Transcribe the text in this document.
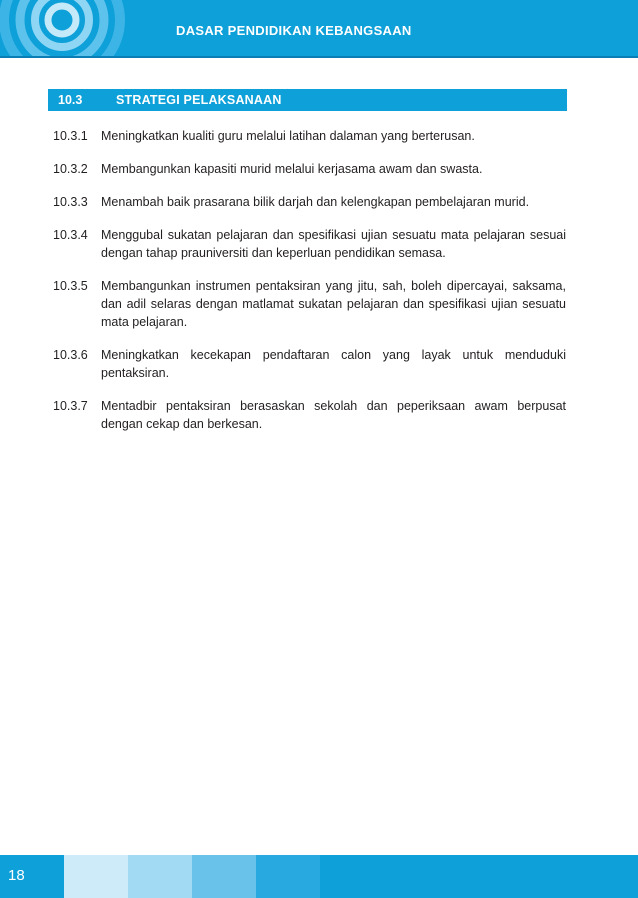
DASAR PENDIDIKAN KEBANGSAAN
10.3	STRATEGI PELAKSANAAN
10.3.1	Meningkatkan kualiti guru melalui latihan dalaman yang berterusan.
10.3.2	Membangunkan kapasiti murid melalui kerjasama awam dan swasta.
10.3.3	Menambah baik prasarana bilik darjah dan kelengkapan pembelajaran murid.
10.3.4	Menggubal sukatan pelajaran dan spesifikasi ujian sesuatu mata pelajaran sesuai dengan tahap prauniversiti dan keperluan pendidikan semasa.
10.3.5	Membangunkan instrumen pentaksiran yang jitu, sah, boleh dipercayai, saksama, dan adil selaras dengan matlamat sukatan pelajaran dan spesifikasi ujian sesuatu mata pelajaran.
10.3.6	Meningkatkan kecekapan pendaftaran calon yang layak untuk menduduki pentaksiran.
10.3.7	Mentadbir pentaksiran berasaskan sekolah dan peperiksaan awam berpusat dengan cekap dan berkesan.
18
